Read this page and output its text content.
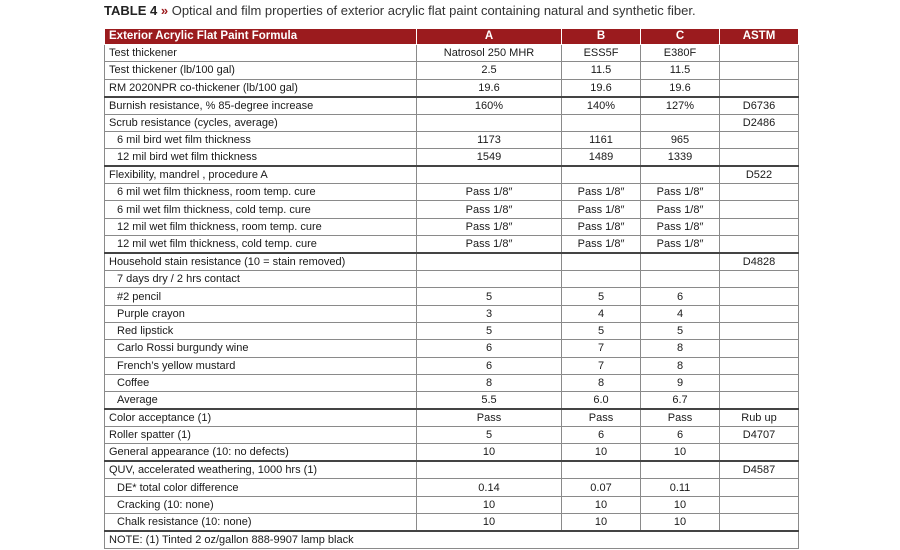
TABLE 4 » Optical and film properties of exterior acrylic flat paint containing natural and synthetic fiber.
Exterior Acrylic Flat Paint Formula	A	B	C	ASTM
Test thickener	Natrosol 250 MHR	ESS5F	E380F	
Test thickener (lb/100 gal)	2.5	11.5	11.5	
RM 2020NPR co-thickener (lb/100 gal)	19.6	19.6	19.6	
Burnish resistance, % 85-degree increase	160%	140%	127%	D6736
Scrub resistance (cycles, average)				D2486
6 mil bird wet film thickness	1173	1161	965	
12 mil bird wet film thickness	1549	1489	1339	
Flexibility, mandrel , procedure A				D522
6 mil wet film thickness, room temp. cure	Pass 1/8″	Pass 1/8″	Pass 1/8″	
6 mil wet film thickness, cold temp. cure	Pass 1/8″	Pass 1/8″	Pass 1/8″	
12 mil wet film thickness, room temp. cure	Pass 1/8″	Pass 1/8″	Pass 1/8″	
12 mil wet film thickness, cold temp. cure	Pass 1/8″	Pass 1/8″	Pass 1/8″	
Household stain resistance (10 = stain removed)				D4828
7 days dry / 2 hrs contact				
#2 pencil	5	5	6	
Purple crayon	3	4	4	
Red lipstick	5	5	5	
Carlo Rossi burgundy wine	6	7	8	
French’s yellow mustard	6	7	8	
Coffee	8	8	9	
Average	5.5	6.0	6.7	
Color acceptance (1)	Pass	Pass	Pass	Rub up
Roller spatter (1)	5	6	6	D4707
General appearance (10: no defects)	10	10	10	
QUV, accelerated weathering, 1000 hrs (1)				D4587
DE* total color difference	0.14	0.07	0.11	
Cracking (10: none)	10	10	10	
Chalk resistance (10: none)	10	10	10	
NOTE: (1) Tinted 2 oz/gallon 888-9907 lamp black				
